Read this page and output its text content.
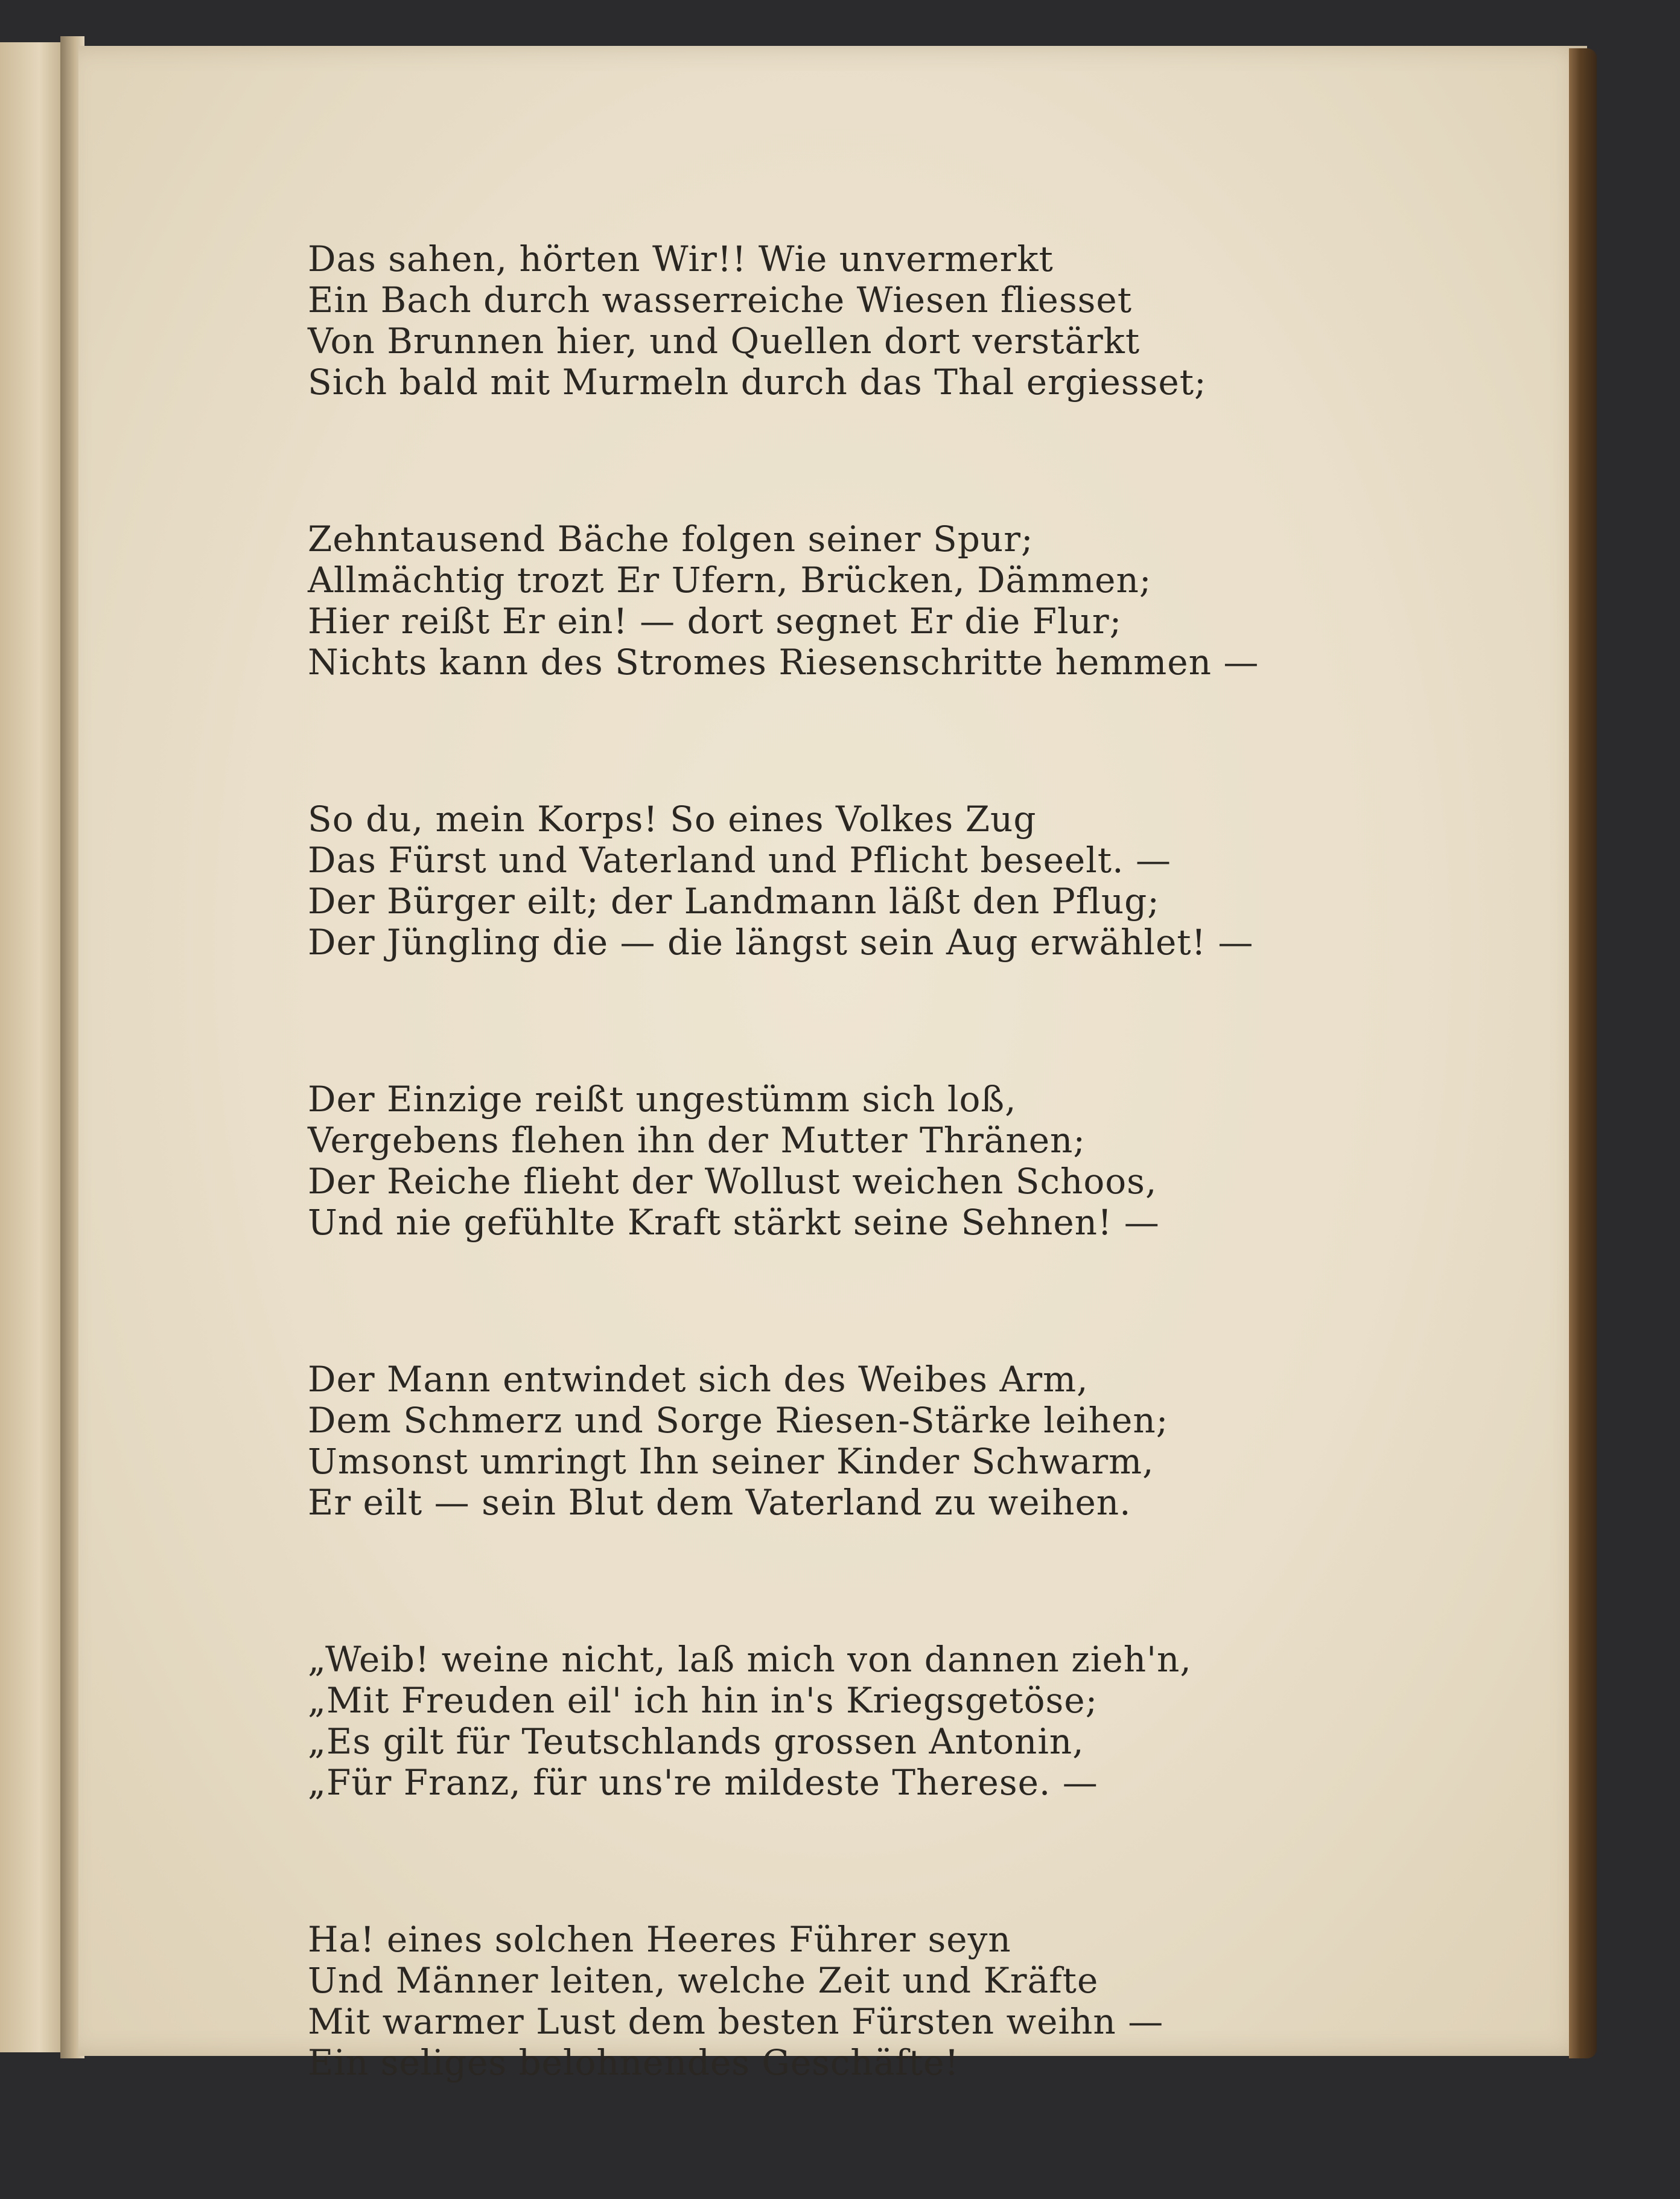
Das sahen, hörten Wir!! Wie unvermerkt
Ein Bach durch wasserreiche Wiesen fliesset
Von Brunnen hier, und Quellen dort verstärkt
Sich bald mit Murmeln durch das Thal ergiesset;
Zehntausend Bäche folgen seiner Spur;
Allmächtig trozt Er Ufern, Brücken, Dämmen;
Hier reißt Er ein! — dort segnet Er die Flur;
Nichts kann des Stromes Riesenschritte hemmen —
So du, mein Korps! So eines Volkes Zug
Das Fürst und Vaterland und Pflicht beseelt. —
Der Bürger eilt; der Landmann läßt den Pflug;
Der Jüngling die — die längst sein Aug erwählet! —
Der Einzige reißt ungestümm sich loß,
Vergebens flehen ihn der Mutter Thränen;
Der Reiche flieht der Wollust weichen Schoos,
Und nie gefühlte Kraft stärkt seine Sehnen! —
Der Mann entwindet sich des Weibes Arm,
Dem Schmerz und Sorge Riesen-Stärke leihen;
Umsonst umringt Ihn seiner Kinder Schwarm,
Er eilt — sein Blut dem Vaterland zu weihen.
„Weib! weine nicht, laß mich von dannen zieh'n,
„Mit Freuden eil' ich hin in's Kriegsgetöse;
„Es gilt für Teutschlands grossen Antonin,
„Für Franz, für uns're mildeste Therese. —
Ha! eines solchen Heeres Führer seyn
Und Männer leiten, welche Zeit und Kräfte
Mit warmer Lust dem besten Fürsten weihn —
Ein seliges belohnendes Geschäfte!
